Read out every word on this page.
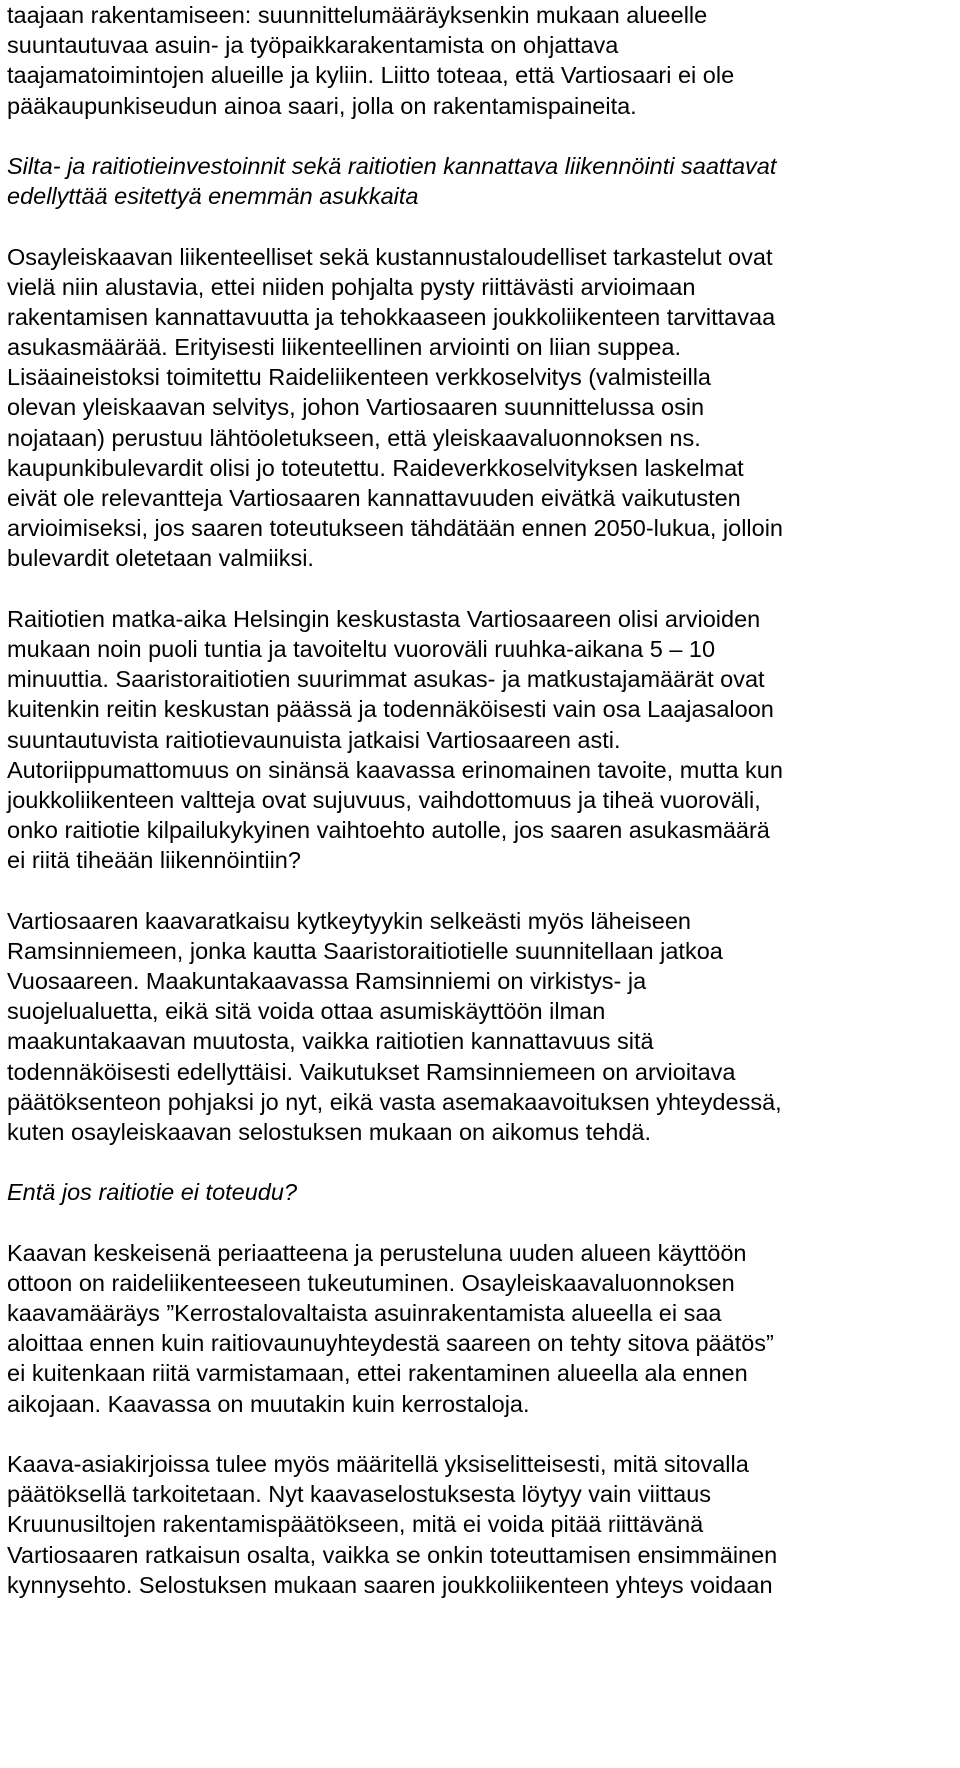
taajaan rakentamiseen: suunnittelumääräyksenkin mukaan alueelle
suuntautuvaa asuin- ja työpaikkarakentamista on ohjattava
taajamatoimintojen alueille ja kyliin. Liitto toteaa, että Vartiosaari ei ole
pääkaupunkiseudun ainoa saari, jolla on rakentamispaineita.
Silta- ja raitiotieinvestoinnit sekä raitiotien kannattava liikennöinti saattavat
edellyttää esitettyä enemmän asukkaita
Osayleiskaavan liikenteelliset sekä kustannustaloudelliset tarkastelut ovat
vielä niin alustavia, ettei niiden pohjalta pysty riittävästi arvioimaan
rakentamisen kannattavuutta ja tehokkaaseen joukkoliikenteen tarvittavaa
asukasmäärää. Erityisesti liikenteellinen arviointi on liian suppea.
Lisäaineistoksi toimitettu Raideliikenteen verkkoselvitys (valmisteilla
olevan yleiskaavan selvitys, johon Vartiosaaren suunnittelussa osin
nojataan) perustuu lähtöoletukseen, että yleiskaavaluonnoksen ns.
kaupunkibulevardit olisi jo toteutettu. Raideverkkoselvityksen laskelmat
eivät ole relevantteja Vartiosaaren kannattavuuden eivätkä vaikutusten
arvioimiseksi, jos saaren toteutukseen tähdätään ennen 2050-lukua, jolloin
bulevardit oletetaan valmiiksi.
Raitiotien matka-aika Helsingin keskustasta Vartiosaareen olisi arvioiden
mukaan noin puoli tuntia ja tavoiteltu vuoroväli ruuhka-aikana 5 – 10
minuuttia. Saaristoraitiotien suurimmat asukas- ja matkustajamäärät ovat
kuitenkin reitin keskustan päässä ja todennäköisesti vain osa Laajasaloon
suuntautuvista raitiotievaunuista jatkaisi Vartiosaareen asti.
Autoriippumattomuus on sinänsä kaavassa erinomainen tavoite, mutta kun
joukkoliikenteen valtteja ovat sujuvuus, vaihdottomuus ja tiheä vuoroväli,
onko raitiotie kilpailukykyinen vaihtoehto autolle, jos saaren asukasmäärä
ei riitä tiheään liikennöintiin?
Vartiosaaren kaavaratkaisu kytkeytyykin selkeästi myös läheiseen
Ramsinniemeen, jonka kautta Saaristoraitiotielle suunnitellaan jatkoa
Vuosaareen. Maakuntakaavassa Ramsinniemi on virkistys- ja
suojelualuetta, eikä sitä voida ottaa asumiskäyttöön ilman
maakuntakaavan muutosta, vaikka raitiotien kannattavuus sitä
todennäköisesti edellyttäisi. Vaikutukset Ramsinniemeen on arvioitava
päätöksenteon pohjaksi jo nyt, eikä vasta asemakaavoituksen yhteydessä,
kuten osayleiskaavan selostuksen mukaan on aikomus tehdä.
Entä jos raitiotie ei toteudu?
Kaavan keskeisenä periaatteena ja perusteluna uuden alueen käyttöön
ottoon on raideliikenteeseen tukeutuminen. Osayleiskaavaluonnoksen
kaavamääräys ”Kerrostalovaltaista asuinrakentamista alueella ei saa
aloittaa ennen kuin raitiovaunuyhteydestä saareen on tehty sitova päätös”
ei kuitenkaan riitä varmistamaan, ettei rakentaminen alueella ala ennen
aikojaan. Kaavassa on muutakin kuin kerrostaloja.
Kaava-asiakirjoissa tulee myös määritellä yksiselitteisesti, mitä sitovalla
päätöksellä tarkoitetaan. Nyt kaavaselostuksesta löytyy vain viittaus
Kruunusiltojen rakentamispäätökseen, mitä ei voida pitää riittävänä
Vartiosaaren ratkaisun osalta, vaikka se onkin toteuttamisen ensimmäinen
kynnysehto. Selostuksen mukaan saaren joukkoliikenteen yhteys voidaan
